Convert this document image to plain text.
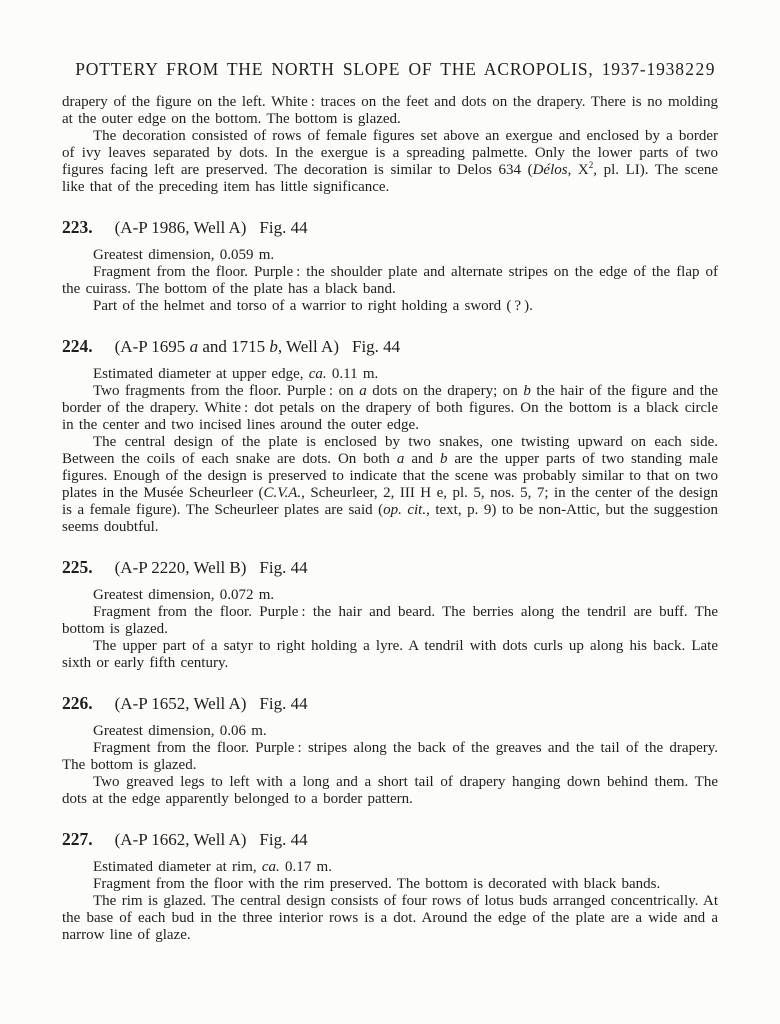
POTTERY FROM THE NORTH SLOPE OF THE ACROPOLIS, 1937-1938 229

drapery of the figure on the left. White : traces on the feet and dots on the drapery. There is no molding at the outer edge on the bottom. The bottom is glazed.

The decoration consisted of rows of female figures set above an exergue and enclosed by a border of ivy leaves separated by dots. In the exergue is a spreading palmette. Only the lower parts of two figures facing left are preserved. The decoration is similar to Delos 634 (Délos, $X^2$, pl. LI). The scene like that of the preceding item has little significance.

223. (A-P 1986, Well A) Fig. 44

Greatest dimension, 0.059 m.

Fragment from the floor. Purple : the shoulder plate and alternate stripes on the edge of the flap of the cuirass. The bottom of the plate has a black band.

Part of the helmet and torso of a warrior to right holding a sword ( ? ).

224. (A-P 1695 a and 1715 b, Well A) Fig. 44

Estimated diameter at upper edge, ca. 0.11 m.

Two fragments from the floor. Purple : on a dots on the drapery; on b the hair of the figure and the border of the drapery. White : dot petals on the drapery of both figures. On the bottom is a black circle in the center and two incised lines around the outer edge.

The central design of the plate is enclosed by two snakes, one twisting upward on each side. Between the coils of each snake are dots. On both a and b are the upper parts of two standing male figures. Enough of the design is preserved to indicate that the scene was probably similar to that on two plates in the Musée Scheurleer (C.V.A., Scheurleer, 2, III H e, pl. 5, nos. 5, 7; in the center of the design is a female figure). The Scheurleer plates are said (op. cit., text, p. 9) to be non-Attic, but the suggestion seems doubtful.

225. (A-P 2220, Well B) Fig. 44

Greatest dimension, 0.072 m.

Fragment from the floor. Purple : the hair and beard. The berries along the tendril are buff. The bottom is glazed.

The upper part of a satyr to right holding a lyre. A tendril with dots curls up along his back. Late sixth or early fifth century.

226. (A-P 1652, Well A) Fig. 44

Greatest dimension, 0.06 m.

Fragment from the floor. Purple : stripes along the back of the greaves and the tail of the drapery. The bottom is glazed.

Two greaved legs to left with a long and a short tail of drapery hanging down behind them. The dots at the edge apparently belonged to a border pattern.

227. (A-P 1662, Well A) Fig. 44

Estimated diameter at rim, ca. 0.17 m.

Fragment from the floor with the rim preserved. The bottom is decorated with black bands.

The rim is glazed. The central design consists of four rows of lotus buds arranged concentrically. At the base of each bud in the three interior rows is a dot. Around the edge of the plate are a wide and a narrow line of glaze.
